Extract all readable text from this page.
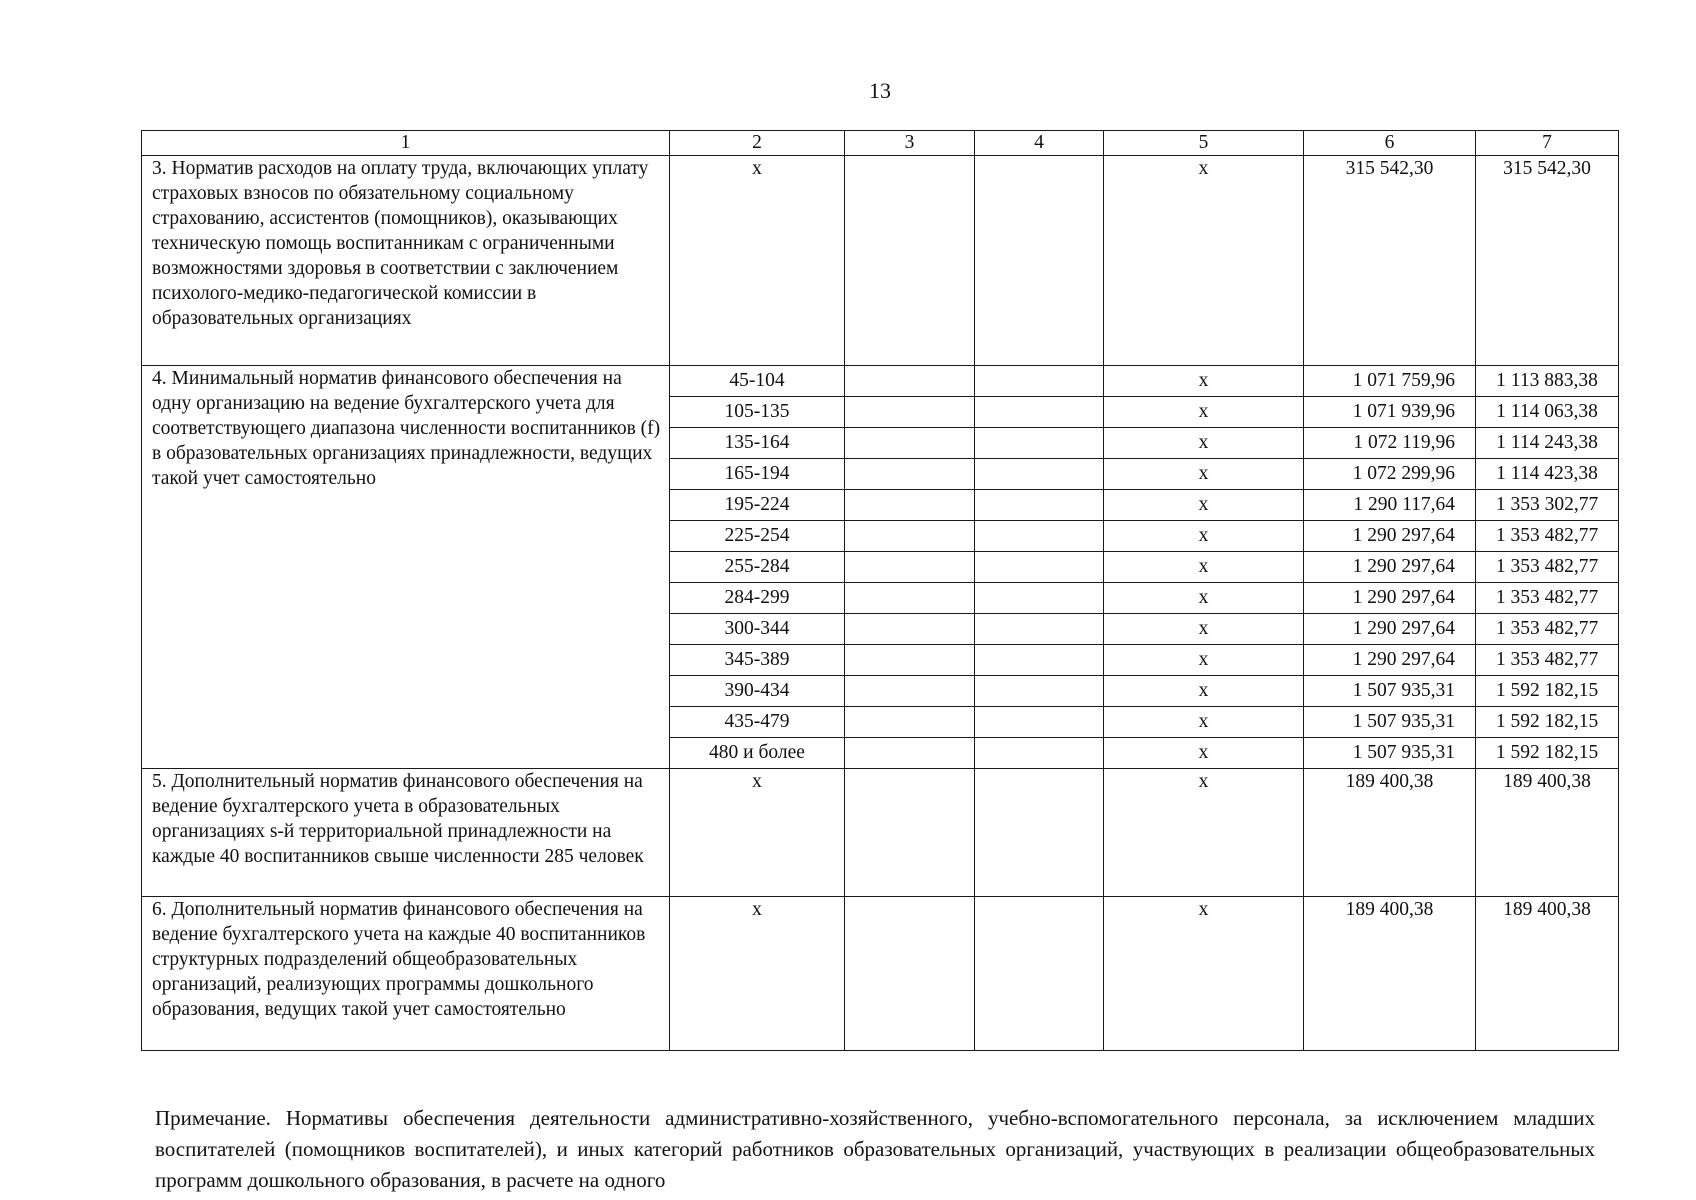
13
1	2	3	4	5	6	7
3. Норматив расходов на оплату труда, включающих уплату страховых взносов по обязательному социальному страхованию, ассистентов (помощников), оказывающих техническую помощь воспитанникам с ограниченными возможностями здоровья в соответствии с заключением психолого-медико-педагогической комиссии в образовательных организациях	х			х	315 542,30	315 542,30
4. Минимальный норматив финансового обеспечения на одну организацию на ведение бухгалтерского учета для соответствующего диапазона численности воспитанников (f) в образовательных организациях принадлежности, ведущих такой учет самостоятельно	45-104			х	1 071 759,96	1 113 883,38
	105-135			х	1 071 939,96	1 114 063,38
	135-164			х	1 072 119,96	1 114 243,38
	165-194			х	1 072 299,96	1 114 423,38
	195-224			х	1 290 117,64	1 353 302,77
	225-254			х	1 290 297,64	1 353 482,77
	255-284			х	1 290 297,64	1 353 482,77
	284-299			х	1 290 297,64	1 353 482,77
	300-344			х	1 290 297,64	1 353 482,77
	345-389			х	1 290 297,64	1 353 482,77
	390-434			х	1 507 935,31	1 592 182,15
	435-479			х	1 507 935,31	1 592 182,15
	480 и более			х	1 507 935,31	1 592 182,15
5. Дополнительный норматив финансового обеспечения на ведение бухгалтерского учета в образовательных организациях s-й территориальной принадлежности на каждые 40 воспитанников свыше численности 285 человек	х			х	189 400,38	189 400,38
6. Дополнительный норматив финансового обеспечения на ведение бухгалтерского учета на каждые 40 воспитанников структурных подразделений общеобразовательных организаций, реализующих программы дошкольного образования, ведущих такой учет самостоятельно	х			х	189 400,38	189 400,38

Примечание. Нормативы обеспечения деятельности административно-хозяйственного, учебно-вспомогательного персонала, за исключением младших воспитателей (помощников воспитателей), и иных категорий работников образовательных организаций, участвующих в реализации общеобразовательных программ дошкольного образования, в расчете на одного
